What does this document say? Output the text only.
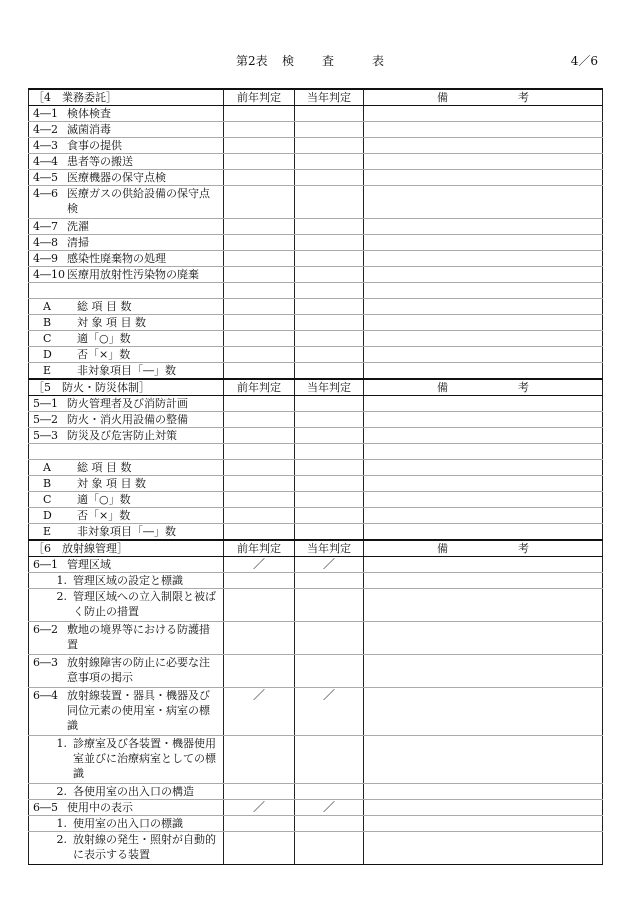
第2表 検 査	表	4／6
［4　業務委託］	前年判定	当年判定	備 考

4―1 検体検査			

4―2 滅菌消毒			

4―3 食事の提供			

4―4 患者等の搬送			

4―5 医療機器の保守点検			

4―6 医療ガスの供給設備の保守点検			

4―7 洗濯			

4―8 清掃			

4―9 感染性廃棄物の処理			

4―10 医療用放射性汚染物の廃棄			

A 総 項 目 数			

B 対 象 項 目 数			

C 適「○」数			

D 否「×」数			

E 非対象項目「―」数			

［5　防火・防災体制］	前年判定	当年判定	備 考

5―1 防火管理者及び消防計画			

5―2 防火・消火用設備の整備			

5―3 防災及び危害防止対策			

A 総 項 目 数			

B 対 象 項 目 数			

C 適「○」数			

D 否「×」数			

E 非対象項目「―」数			

［6　放射線管理］	前年判定	当年判定	備 考

6―1 管理区域	／	／	

1. 管理区域の設定と標識			

2. 管理区域への立入制限と被ばく防止の措置			

6―2 敷地の境界等における防護措置			

6―3 放射線障害の防止に必要な注意事項の掲示			

6―4 放射線装置・器具・機器及び同位元素の使用室・病室の標識	／	／	

1. 診療室及び各装置・機器使用室並びに治療病室としての標識			

2. 各使用室の出入口の構造			

6―5 使用中の表示	／	／	

1. 使用室の出入口の標識			

2. 放射線の発生・照射が自動的に表示する装置			
